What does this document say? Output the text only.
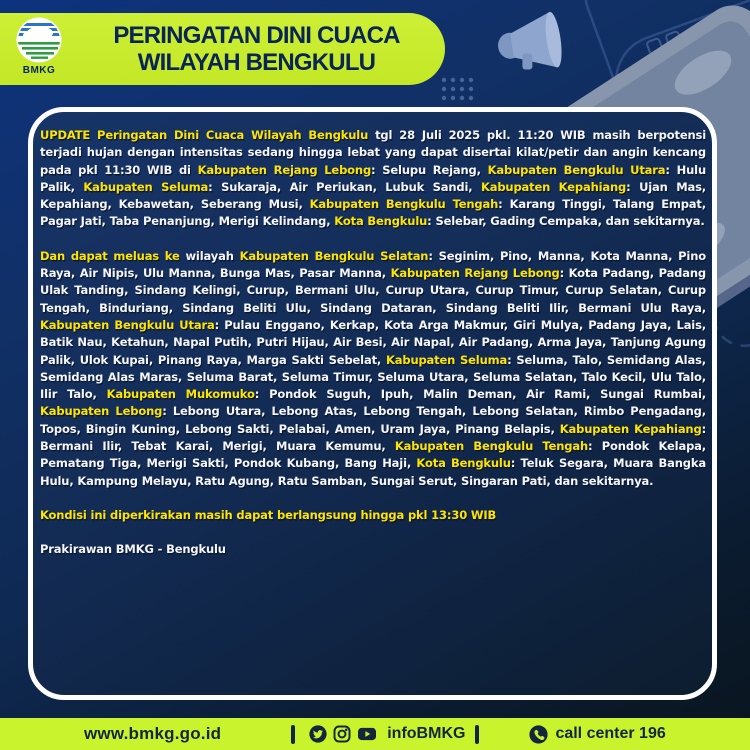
BMKG
PERINGATAN DINI CUACA
WILAYAH BENGKULU

UPDATE Peringatan Dini Cuaca Wilayah Bengkulu tgl 28 Juli 2025 pkl. 11:20 WIB masih berpotensi terjadi hujan dengan intensitas sedang hingga lebat yang dapat disertai kilat/petir dan angin kencang pada pkl 11:30 WIB di Kabupaten Rejang Lebong: Selupu Rejang, Kabupaten Bengkulu Utara: Hulu Palik, Kabupaten Seluma: Sukaraja, Air Periukan, Lubuk Sandi, Kabupaten Kepahiang: Ujan Mas, Kepahiang, Kebawetan, Seberang Musi, Kabupaten Bengkulu Tengah: Karang Tinggi, Talang Empat, Pagar Jati, Taba Penanjung, Merigi Kelindang, Kota Bengkulu: Selebar, Gading Cempaka, dan sekitarnya.

Dan dapat meluas ke wilayah Kabupaten Bengkulu Selatan: Seginim, Pino, Manna, Kota Manna, Pino Raya, Air Nipis, Ulu Manna, Bunga Mas, Pasar Manna, Kabupaten Rejang Lebong: Kota Padang, Padang Ulak Tanding, Sindang Kelingi, Curup, Bermani Ulu, Curup Utara, Curup Timur, Curup Selatan, Curup Tengah, Binduriang, Sindang Beliti Ulu, Sindang Dataran, Sindang Beliti Ilir, Bermani Ulu Raya, Kabupaten Bengkulu Utara: Pulau Enggano, Kerkap, Kota Arga Makmur, Giri Mulya, Padang Jaya, Lais, Batik Nau, Ketahun, Napal Putih, Putri Hijau, Air Besi, Air Napal, Air Padang, Arma Jaya, Tanjung Agung Palik, Ulok Kupai, Pinang Raya, Marga Sakti Sebelat, Kabupaten Seluma: Seluma, Talo, Semidang Alas, Semidang Alas Maras, Seluma Barat, Seluma Timur, Seluma Utara, Seluma Selatan, Talo Kecil, Ulu Talo, Ilir Talo, Kabupaten Mukomuko: Pondok Suguh, Ipuh, Malin Deman, Air Rami, Sungai Rumbai, Kabupaten Lebong: Lebong Utara, Lebong Atas, Lebong Tengah, Lebong Selatan, Rimbo Pengadang, Topos, Bingin Kuning, Lebong Sakti, Pelabai, Amen, Uram Jaya, Pinang Belapis, Kabupaten Kepahiang: Bermani Ilir, Tebat Karai, Merigi, Muara Kemumu, Kabupaten Bengkulu Tengah: Pondok Kelapa, Pematang Tiga, Merigi Sakti, Pondok Kubang, Bang Haji, Kota Bengkulu: Teluk Segara, Muara Bangka Hulu, Kampung Melayu, Ratu Agung, Ratu Samban, Sungai Serut, Singaran Pati, dan sekitarnya.

Kondisi ini diperkirakan masih dapat berlangsung hingga pkl 13:30 WIB

Prakirawan BMKG - Bengkulu

www.bmkg.go.id	infoBMKG	call center 196
